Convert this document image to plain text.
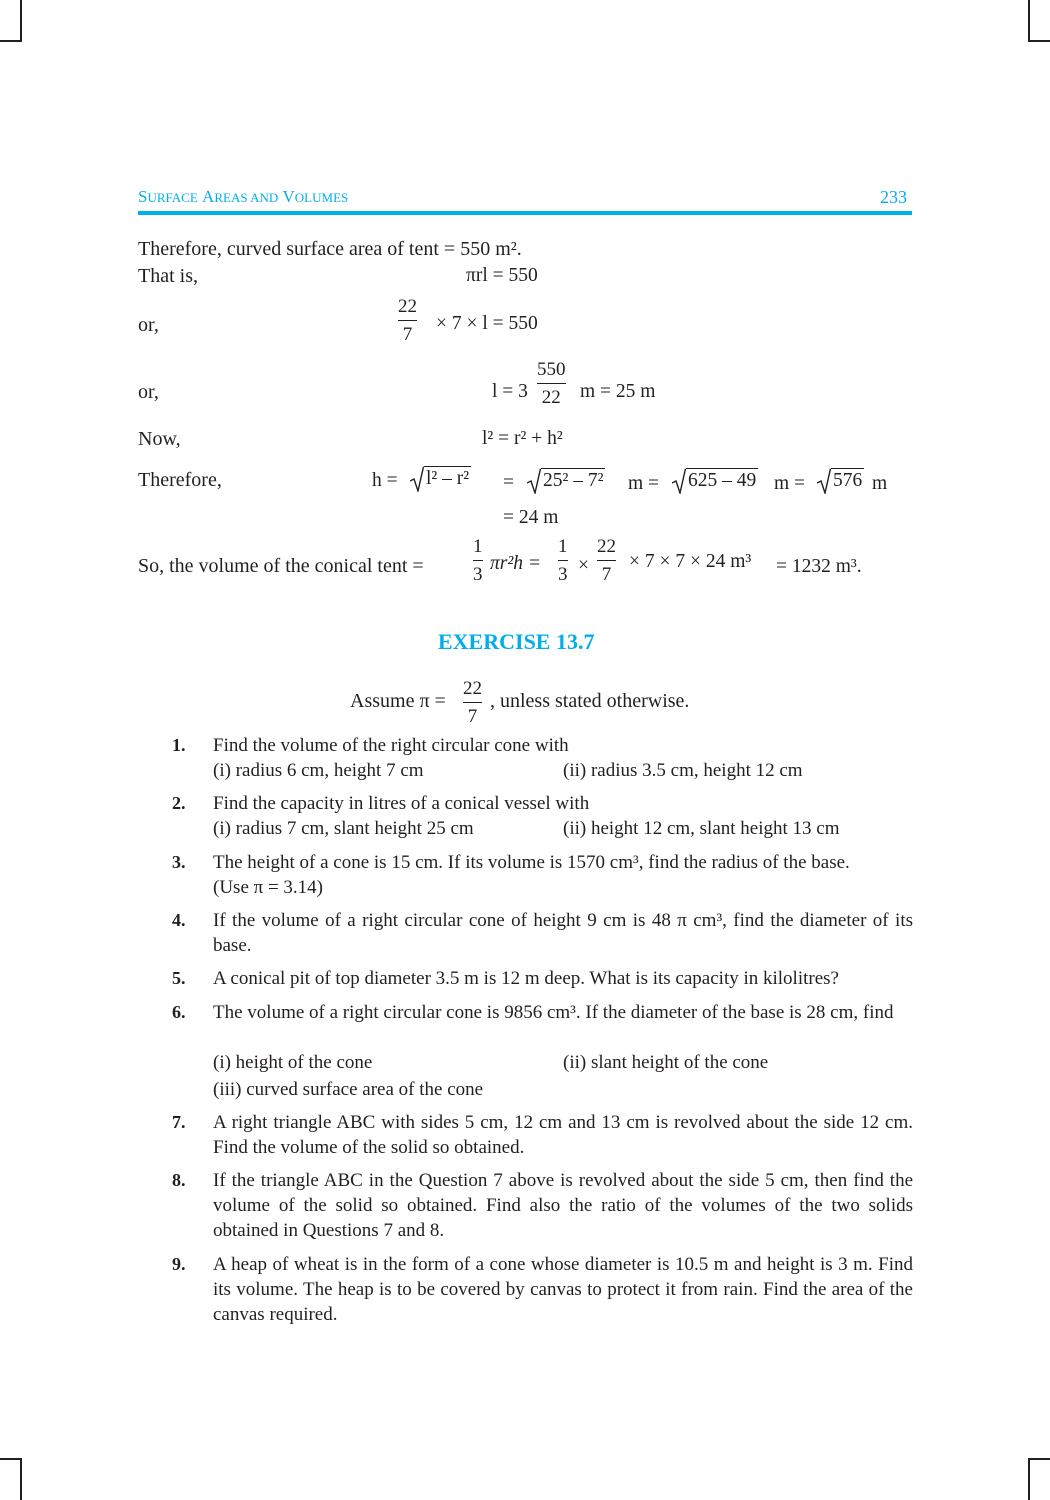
SURFACE AREAS AND VOLUMES	233
Therefore, curved surface area of tent = 550 m².
That is,	πrl = 550
or,
22
7
× 7 × l = 550
or,	l = 3
550
22 m = 25 m
Now,	l² = r² + h²
Therefore,	h = l² – r² = 25² – 7² m = 625 – 49 m = 576 m
= 24 m
So, the volume of the conical tent =
1
3
πr²h =
1
3 ×
22
7
× 7 × 7 × 24 m³ = 1232 m³.
EXERCISE 13.7
Assume π =
22
7
, unless stated otherwise.
1.	Find the volume of the right circular cone with
(i) radius 6 cm, height 7 cm	(ii) radius 3.5 cm, height 12 cm
2.	Find the capacity in litres of a conical vessel with
(i) radius 7 cm, slant height 25 cm	(ii) height 12 cm, slant height 13 cm
3.	The height of a cone is 15 cm. If its volume is 1570 cm³, find the radius of the base.
(Use π = 3.14)
4.	If the volume of a right circular cone of height 9 cm is 48 π cm³, find the diameter of its base.
5.	A conical pit of top diameter 3.5 m is 12 m deep. What is its capacity in kilolitres?
6.	The volume of a right circular cone is 9856 cm³. If the diameter of the base is 28 cm, find
(i) height of the cone	(ii) slant height of the cone
(iii) curved surface area of the cone
7.	A right triangle ABC with sides 5 cm, 12 cm and 13 cm is revolved about the side 12 cm. Find the volume of the solid so obtained.
8.	If the triangle ABC in the Question 7 above is revolved about the side 5 cm, then find the volume of the solid so obtained. Find also the ratio of the volumes of the two solids obtained in Questions 7 and 8.
9.	A heap of wheat is in the form of a cone whose diameter is 10.5 m and height is 3 m. Find its volume. The heap is to be covered by canvas to protect it from rain. Find the area of the canvas required.
